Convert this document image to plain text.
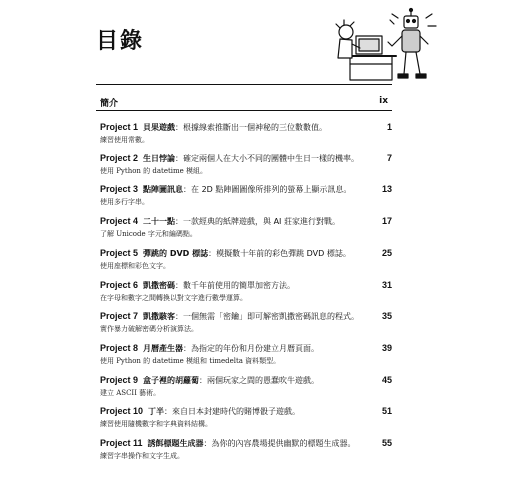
目錄
簡介	ix
Project 1 貝果遊戲 ：根據線索推斷出一個神秘的三位數數值。	1
練習使用常數。
Project 2 生日悖論 ：確定兩個人在大小不同的團體中生日一樣的機率。	7
使用 Python 的 datetime 模組。
Project 3 點陣圖訊息 ：在 2D 點陣圖圖像所排列的螢幕上顯示訊息。	13
使用多行字串。
Project 4 二十一點 ：一款經典的紙牌遊戲，與 AI 莊家進行對戰。	17
了解 Unicode 字元和編碼點。
Project 5 彈跳的 DVD 標誌 ：模擬數十年前的彩色彈跳 DVD 標誌。	25
使用座標和彩色文字。
Project 6 凱撒密碼 ：數千年前使用的簡單加密方法。	31
在字母和數字之間轉換以對文字進行數學運算。
Project 7 凱撒駭客 ：一個無需「密鑰」即可解密凱撒密碼訊息的程式。	35
實作暴力破解密碼分析演算法。
Project 8 月曆產生器 ：為指定的年份和月份建立月曆頁面。	39
使用 Python 的 datetime 模組和 timedelta 資料類型。
Project 9 盒子裡的胡蘿蔔 ：兩個玩家之間的愚蠢吹牛遊戲。	45
建立 ASCII 藝術。
Project 10 丁半 ：來自日本封建時代的賭博骰子遊戲。	51
練習使用隨機數字和字典資料結構。
Project 11 誘餌標題生成器 ：為你的內容農場提供幽默的標題生成器。	55
練習字串操作和文字生成。
